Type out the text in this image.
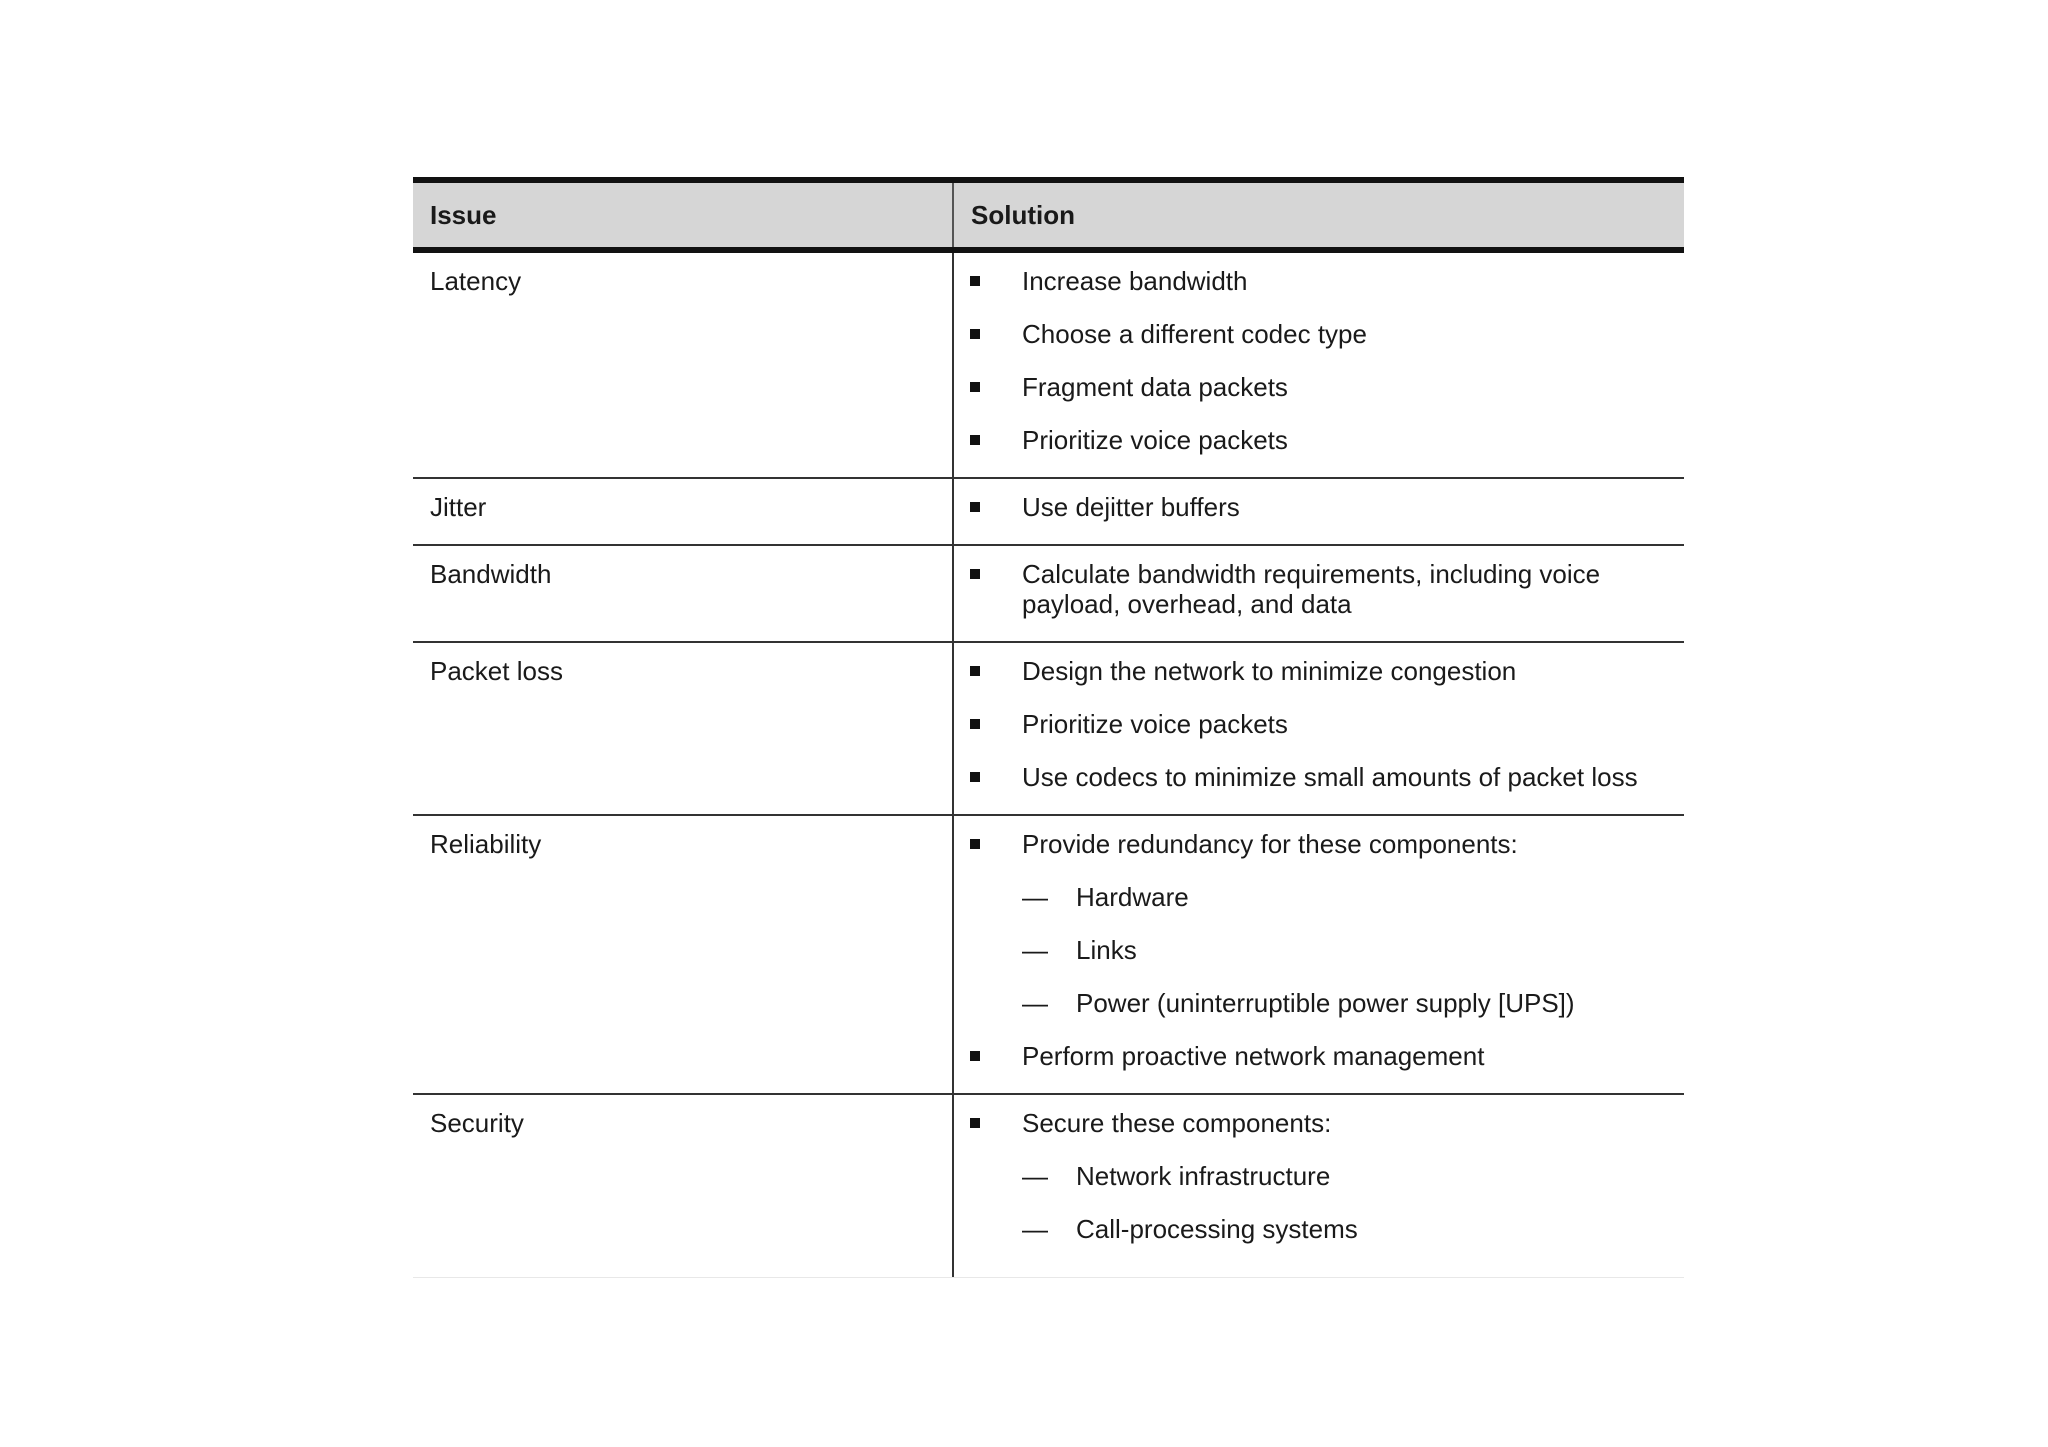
Issue	Solution
Latency	Increase bandwidth
Choose a different codec type
Fragment data packets
Prioritize voice packets
Jitter	Use dejitter buffers
Bandwidth	Calculate bandwidth requirements, including voice payload, overhead, and data
Packet loss	Design the network to minimize congestion
Prioritize voice packets
Use codecs to minimize small amounts of packet loss
Reliability	Provide redundancy for these components:
—	Hardware
—	Links
—	Power (uninterruptible power supply [UPS])
Perform proactive network management
Security	Secure these components:
—	Network infrastructure
—	Call-processing systems
